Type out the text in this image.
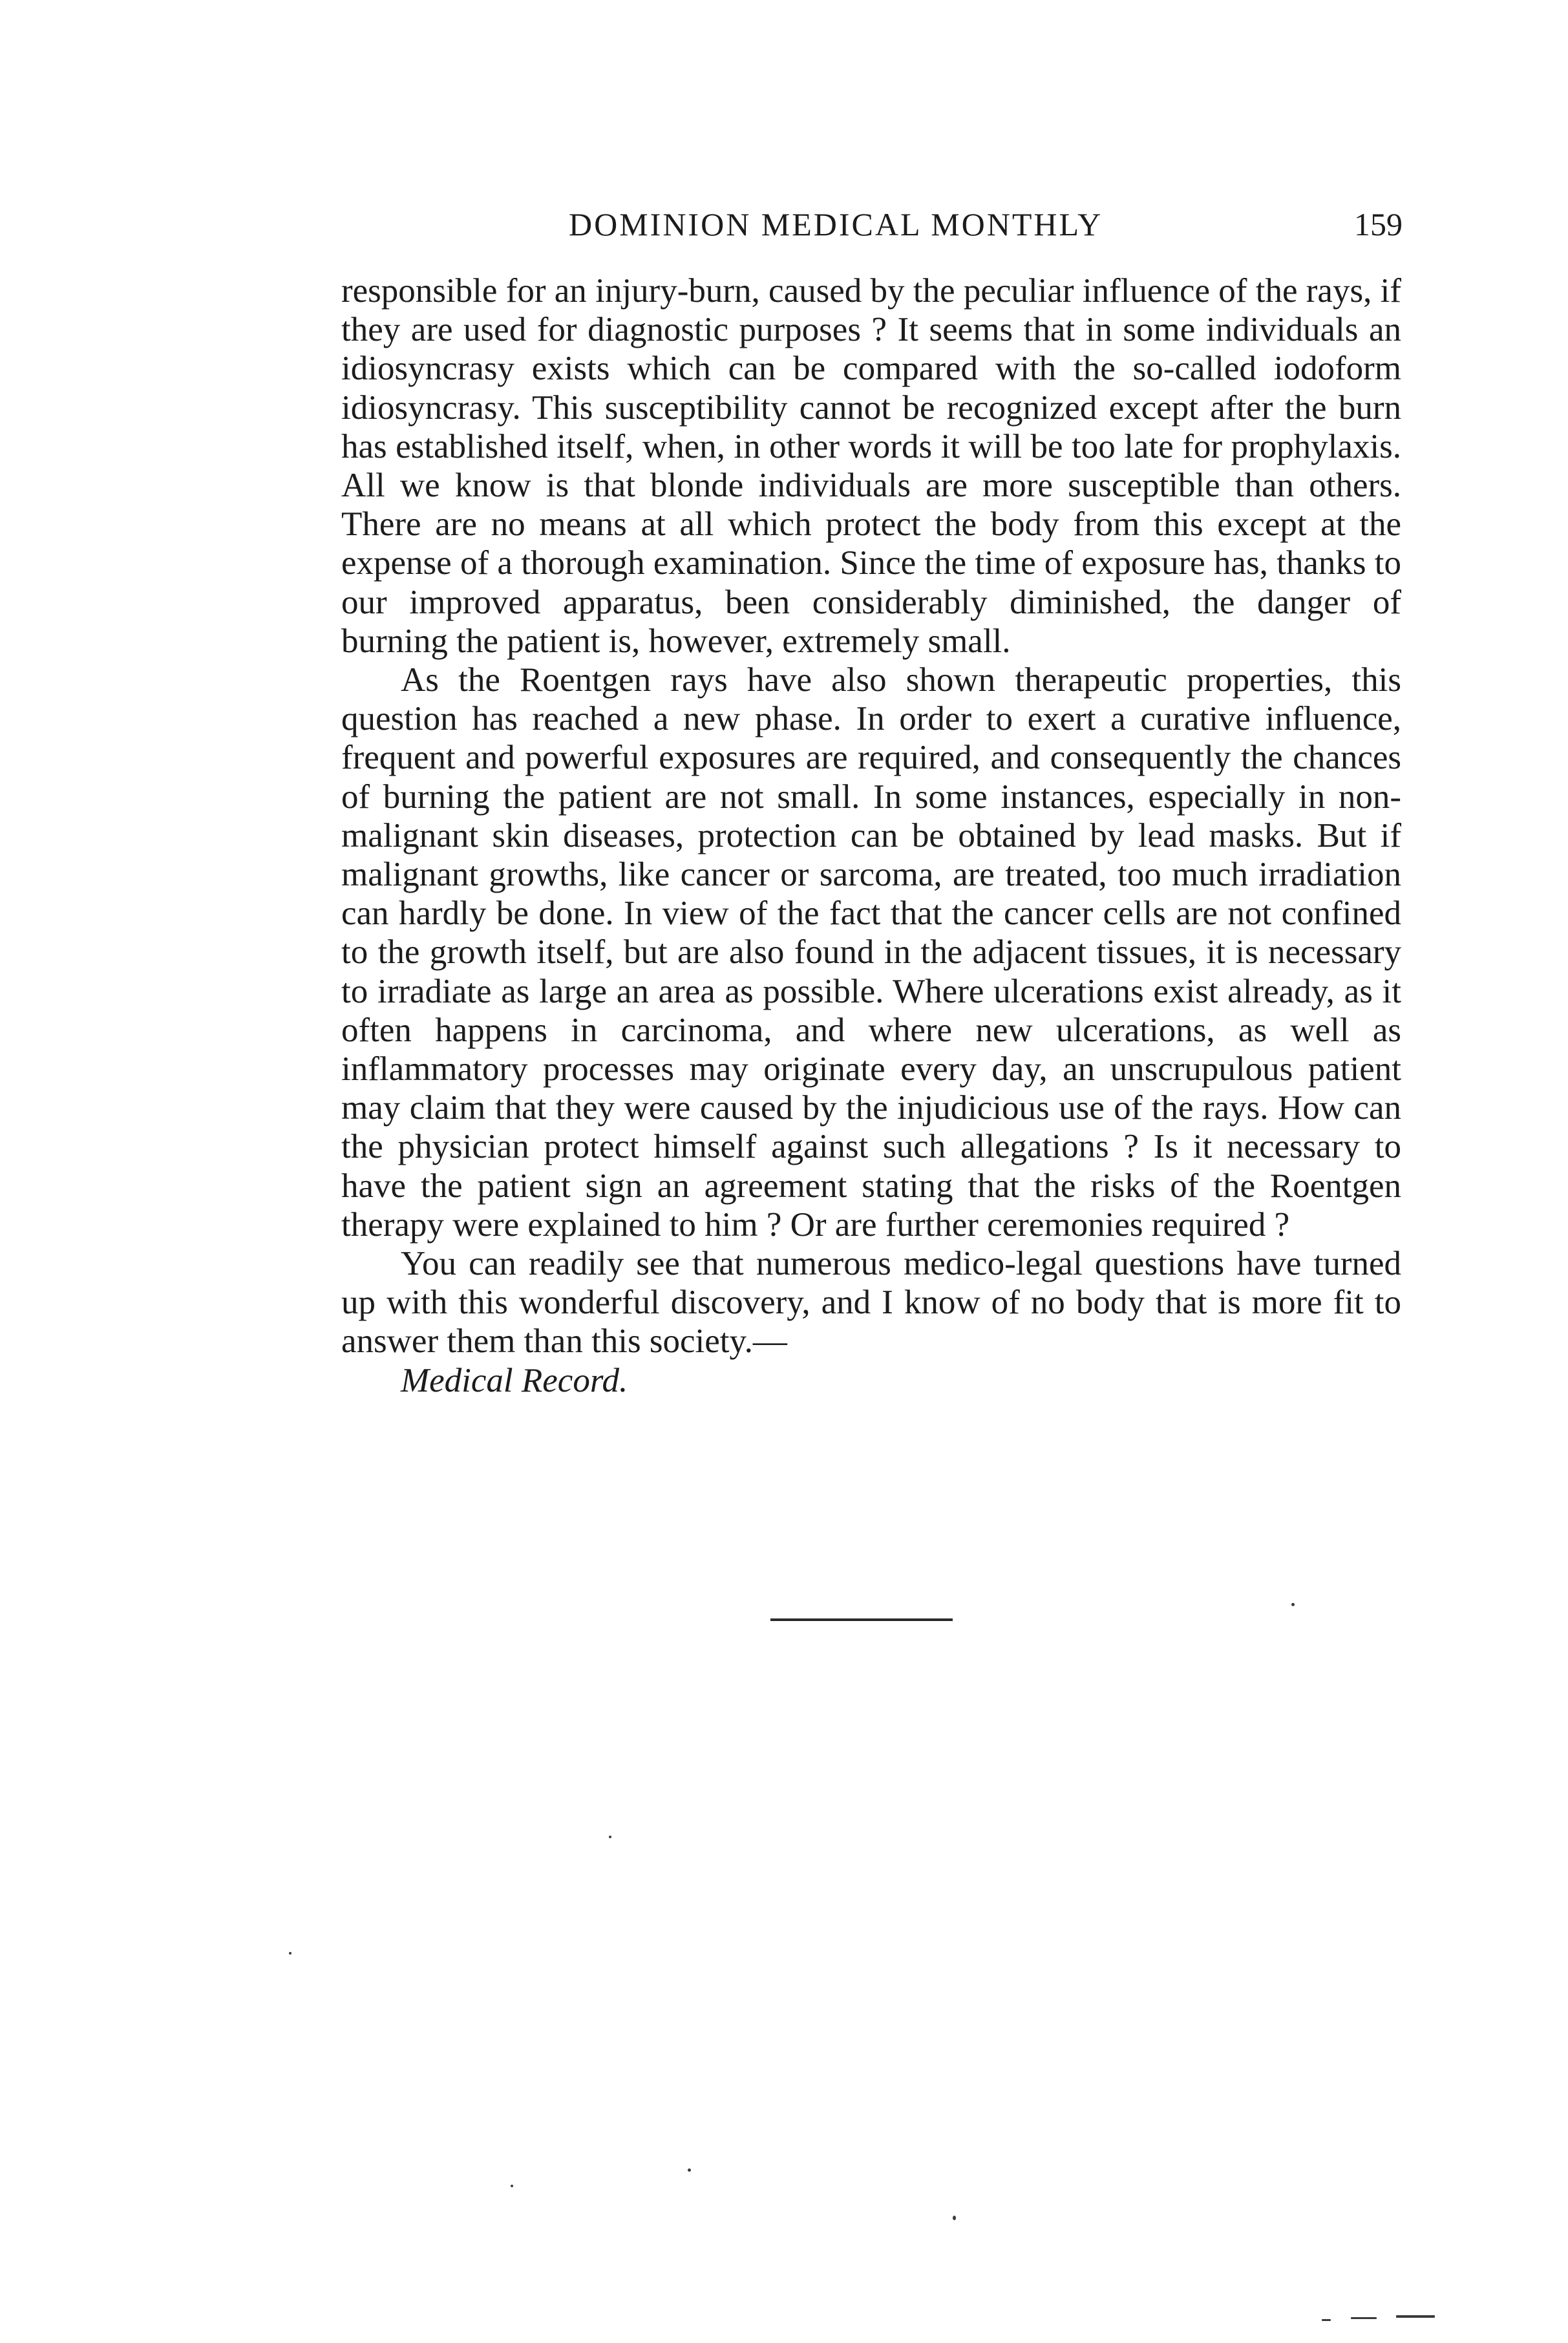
DOMINION MEDICAL MONTHLY	159

responsible for an injury-burn, caused by the peculiar influence of the rays, if they are used for diagnostic purposes ? It seems that in some individuals an idiosyncrasy exists which can be compared with the so-called iodoform idiosyncrasy. This susceptibility cannot be recognized except after the burn has established itself, when, in other words it will be too late for prophylaxis. All we know is that blonde individuals are more susceptible than others. There are no means at all which protect the body from this except at the expense of a thorough examination. Since the time of exposure has, thanks to our improved apparatus, been considerably diminished, the danger of burning the patient is, however, extremely small.

As the Roentgen rays have also shown therapeutic properties, this question has reached a new phase. In order to exert a curative influence, frequent and powerful exposures are required, and consequently the chances of burning the patient are not small. In some instances, especially in non-malignant skin diseases, protection can be obtained by lead masks. But if malignant growths, like cancer or sarcoma, are treated, too much irradiation can hardly be done. In view of the fact that the cancer cells are not confined to the growth itself, but are also found in the adjacent tissues, it is necessary to irradiate as large an area as possible. Where ulcerations exist already, as it often happens in carcinoma, and where new ulcerations, as well as inflammatory processes may originate every day, an unscrupulous patient may claim that they were caused by the injudicious use of the rays. How can the physician protect himself against such allegations ? Is it necessary to have the patient sign an agreement stating that the risks of the Roentgen therapy were explained to him ? Or are further ceremonies required ?

You can readily see that numerous medico-legal questions have turned up with this wonderful discovery, and I know of no body that is more fit to answer them than this society.—

Medical Record.
